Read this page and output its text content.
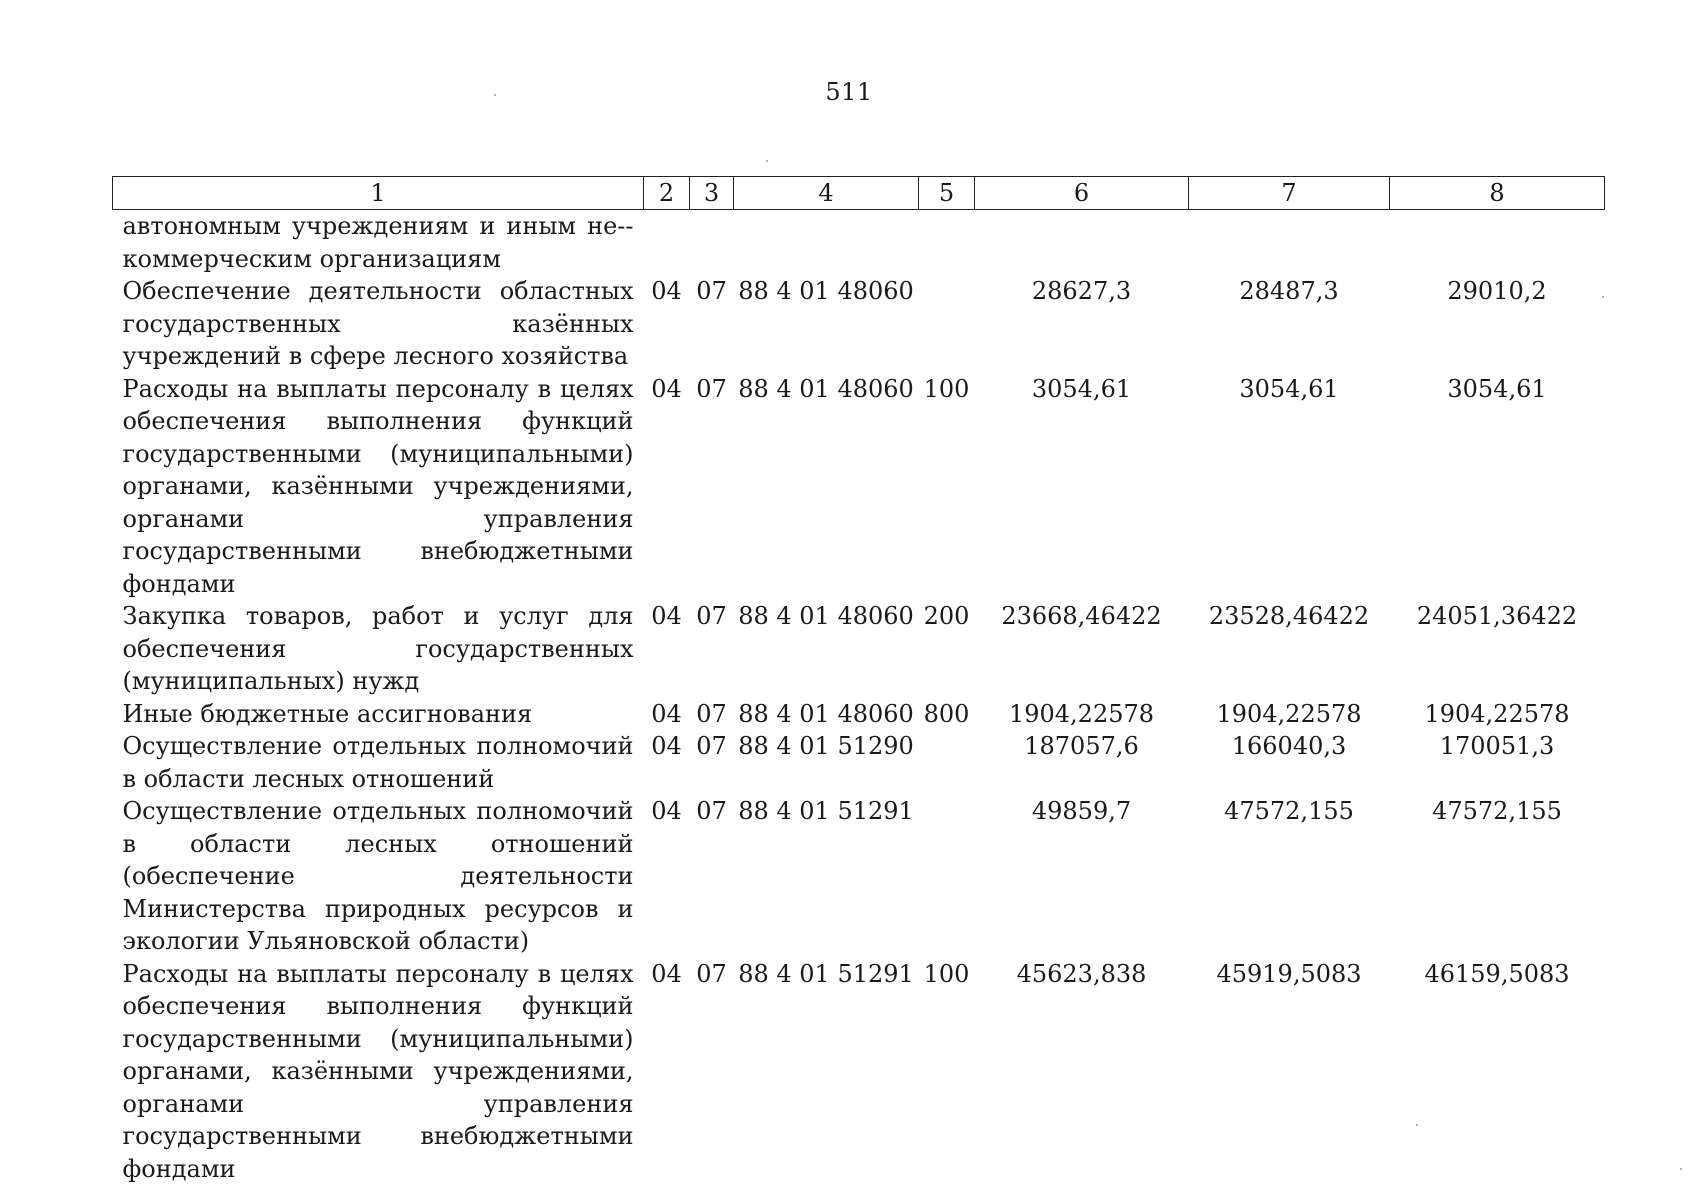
511
1	2	3	4	5	6	7	8
автономным учреждениям и иным не-коммерческим организациям							
Обеспечение деятельности областных государственных казённых учреждений в сфере лесного хозяйства	04	07	88 4 01 48060		28627,3	28487,3	29010,2
Расходы на выплаты персоналу в целях обеспечения выполнения функций государственными (муниципальными) органами, казёнными учреждениями, органами управления государственными внебюджетными фондами	04	07	88 4 01 48060	100	3054,61	3054,61	3054,61
Закупка товаров, работ и услуг для обеспечения государственных (муниципальных) нужд	04	07	88 4 01 48060	200	23668,46422	23528,46422	24051,36422
Иные бюджетные ассигнования	04	07	88 4 01 48060	800	1904,22578	1904,22578	1904,22578
Осуществление отдельных полномочий в области лесных отношений	04	07	88 4 01 51290		187057,6	166040,3	170051,3
Осуществление отдельных полномочий в области лесных отношений (обеспечение деятельности Министерства природных ресурсов и экологии Ульяновской области)	04	07	88 4 01 51291		49859,7	47572,155	47572,155
Расходы на выплаты персоналу в целях обеспечения выполнения функций государственными (муниципальными) органами, казёнными учреждениями, органами управления государственными внебюджетными фондами	04	07	88 4 01 51291	100	45623,838	45919,5083	46159,5083
